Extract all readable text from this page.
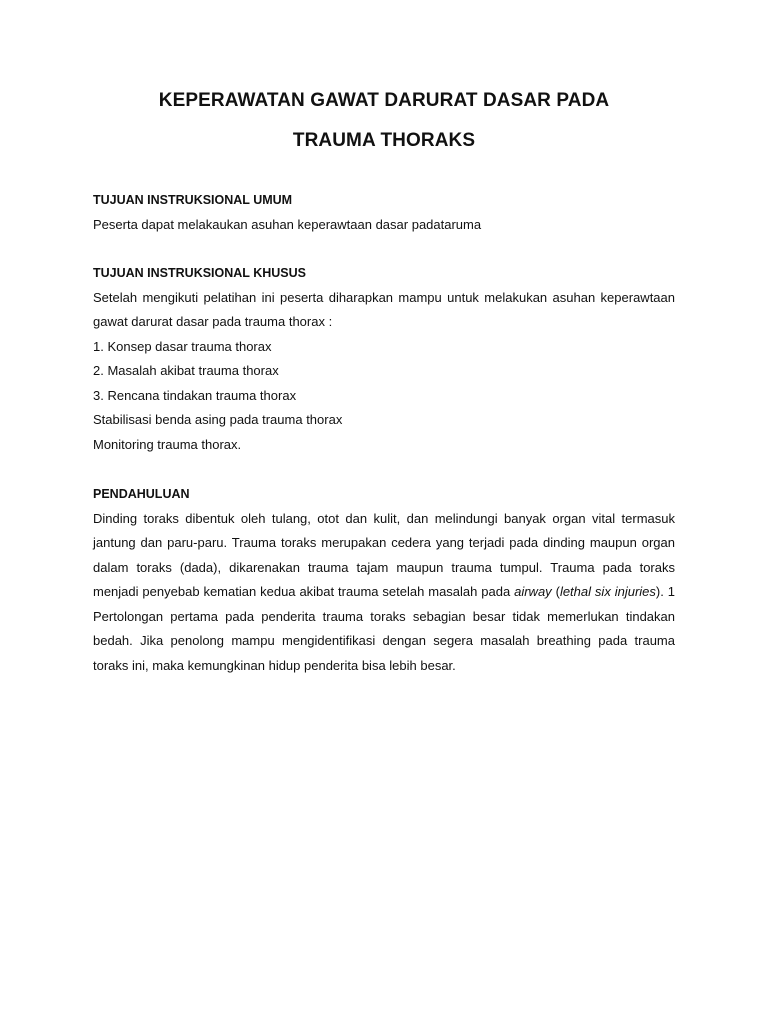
KEPERAWATAN GAWAT DARURAT DASAR PADA
TRAUMA THORAKS

TUJUAN INSTRUKSIONAL UMUM

Peserta dapat melakaukan asuhan keperawtaan dasar padataruma

TUJUAN INSTRUKSIONAL KHUSUS

Setelah mengikuti pelatihan ini peserta diharapkan mampu untuk melakukan asuhan keperawtaan gawat darurat dasar pada trauma thorax :

1. Konsep dasar trauma thorax

2. Masalah akibat trauma thorax

3. Rencana tindakan trauma thorax

Stabilisasi benda asing pada trauma thorax

Monitoring trauma thorax.

PENDAHULUAN

Dinding toraks dibentuk oleh tulang, otot dan kulit, dan melindungi banyak organ vital termasuk jantung dan paru-paru. Trauma toraks merupakan cedera yang terjadi pada dinding maupun organ dalam toraks (dada), dikarenakan trauma tajam maupun trauma tumpul. Trauma pada toraks menjadi penyebab kematian kedua akibat trauma setelah masalah pada airway (lethal six injuries). 1 Pertolongan pertama pada penderita trauma toraks sebagian besar tidak memerlukan tindakan bedah. Jika penolong mampu mengidentifikasi dengan segera masalah breathing pada trauma toraks ini, maka kemungkinan hidup penderita bisa lebih besar.
